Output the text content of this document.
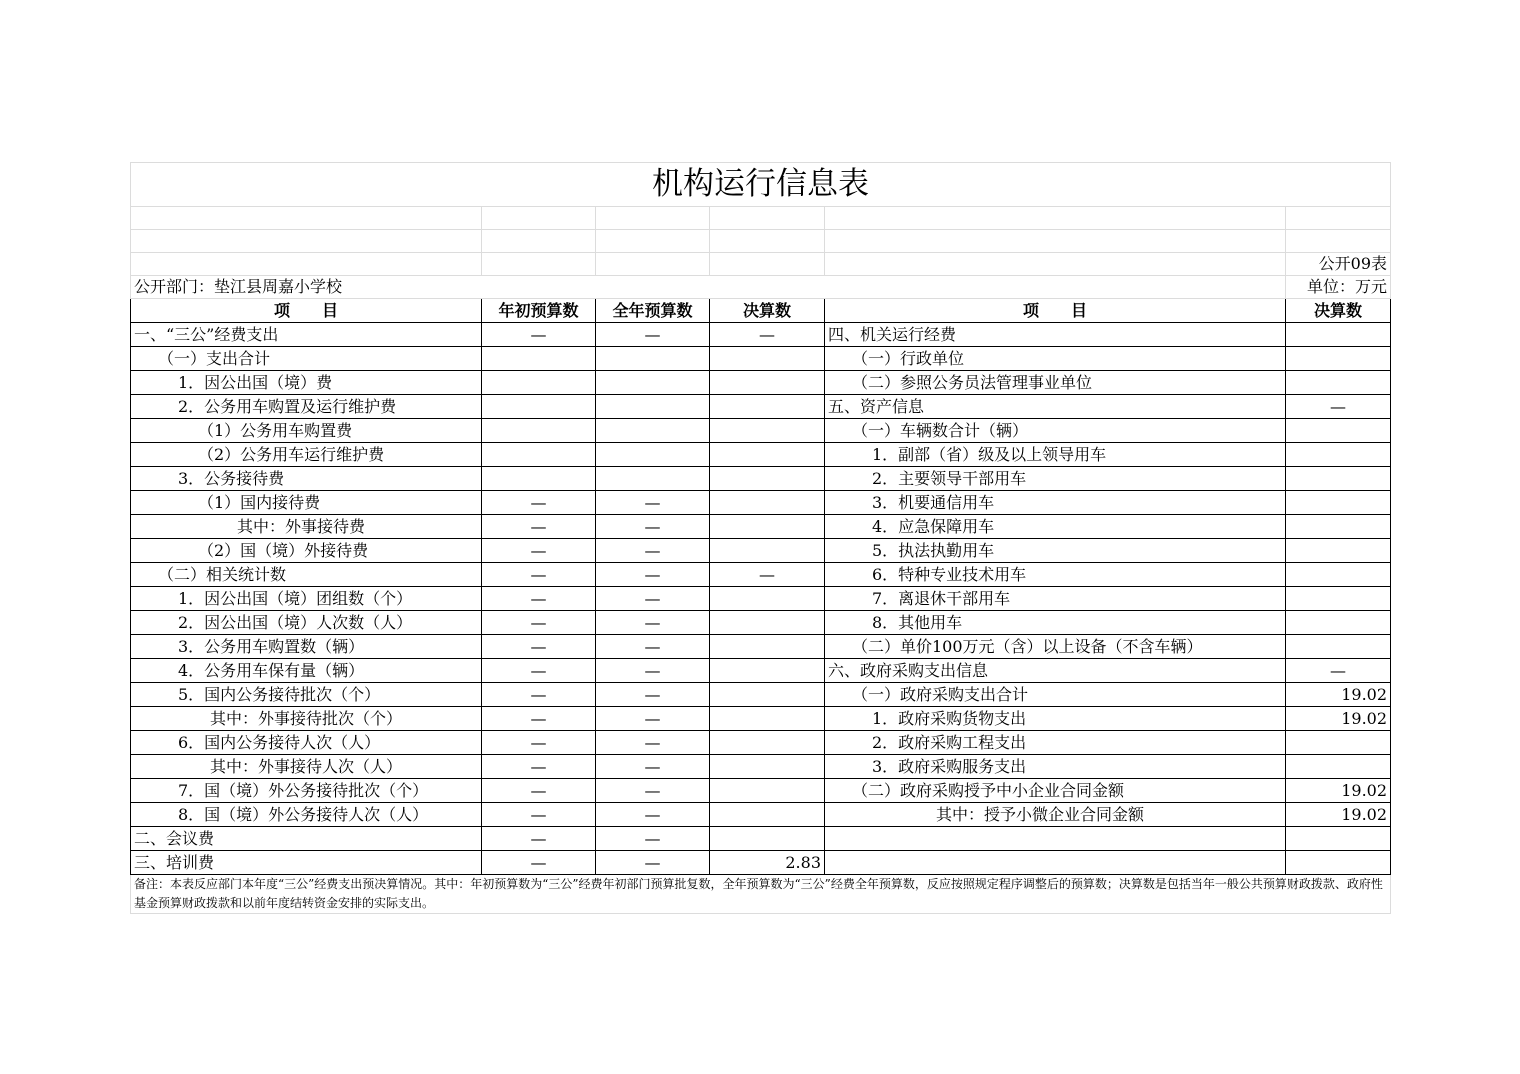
机构运行信息表					

					公开09表
公开部门：垫江县周嘉小学校					单位：万元
项　　目	年初预算数	全年预算数	决算数	项　　目	决算数
一、“三公”经费支出	—	—	—	四、机关运行经费	
（一）支出合计				（一）行政单位	
1．因公出国（境）费				（二）参照公务员法管理事业单位	
2．公务用车购置及运行维护费				五、资产信息	—
（1）公务用车购置费				（一）车辆数合计（辆）	
（2）公务用车运行维护费				1．副部（省）级及以上领导用车	
3．公务接待费				2．主要领导干部用车	
（1）国内接待费	—	—		3．机要通信用车	
其中：外事接待费	—	—		4．应急保障用车	
（2）国（境）外接待费	—	—		5．执法执勤用车	
（二）相关统计数	—	—	—	6．特种专业技术用车	
1．因公出国（境）团组数（个）	—	—		7．离退休干部用车	
2．因公出国（境）人次数（人）	—	—		8．其他用车	
3．公务用车购置数（辆）	—	—		（二）单价100万元（含）以上设备（不含车辆）	
4．公务用车保有量（辆）	—	—		六、政府采购支出信息	—
5．国内公务接待批次（个）	—	—		（一）政府采购支出合计	19.02
其中：外事接待批次（个）	—	—		1．政府采购货物支出	19.02
6．国内公务接待人次（人）	—	—		2．政府采购工程支出	
其中：外事接待人次（人）	—	—		3．政府采购服务支出	
7．国（境）外公务接待批次（个）	—	—		（二）政府采购授予中小企业合同金额	19.02
8．国（境）外公务接待人次（人）	—	—		其中：授予小微企业合同金额	19.02
二、会议费	—	—			
三、培训费	—	—	2.83		
备注：本表反应部门本年度“三公”经费支出预决算情况。其中：年初预算数为“三公”经费年初部门预算批复数，全年预算数为“三公”经费全年预算数，反应按照规定程序调整后的预算数；决算数是包括当年一般公共预算财政拨款、政府性基金预算财政拨款和以前年度结转资金安排的实际支出。					
